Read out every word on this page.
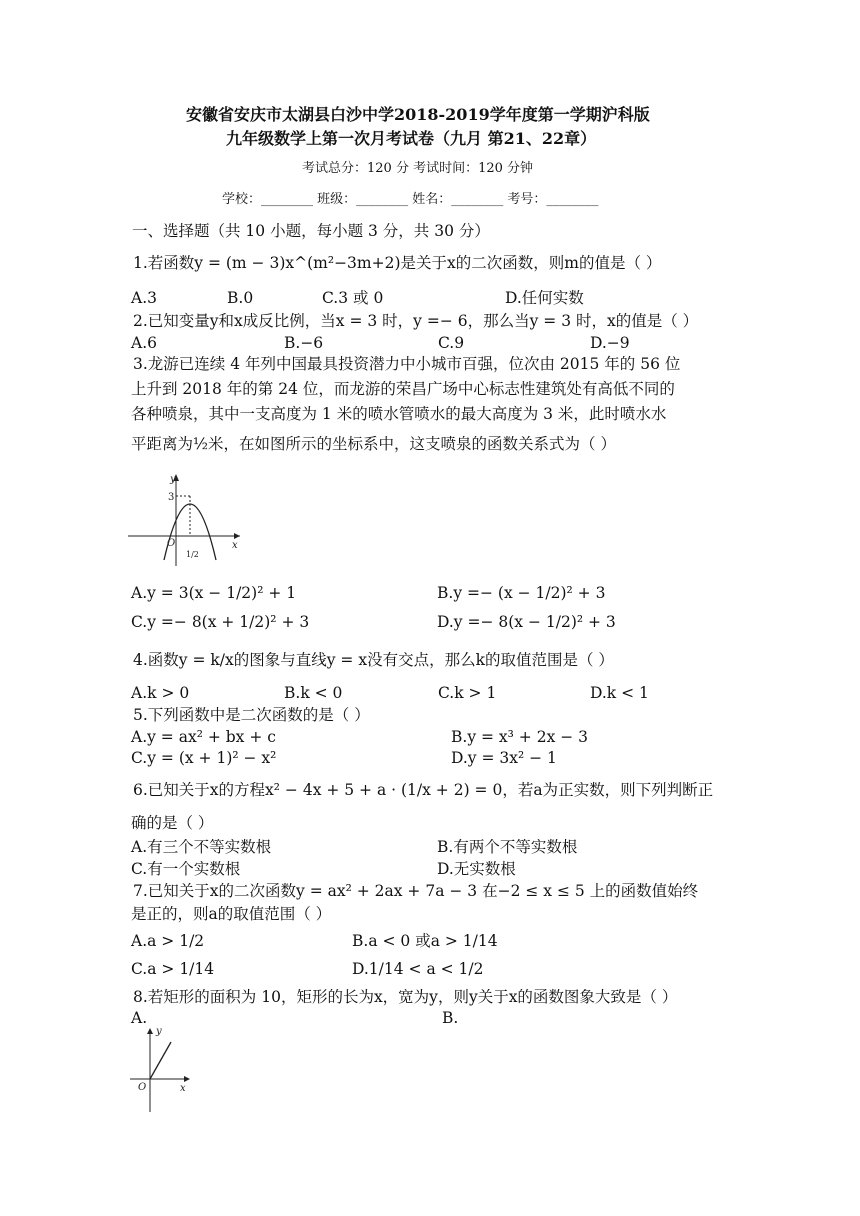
安徽省安庆市太湖县白沙中学2018-2019学年度第一学期沪科版
九年级数学上第一次月考试卷（九月 第21、22章）
考试总分：120 分 考试时间：120 分钟
学校：________ 班级：________ 姓名：________ 考号：________
一、选择题（共 10 小题，每小题 3 分，共 30 分）
1.若函数y = (m − 3)x^(m²−3m+2)是关于x的二次函数，则m的值是（ ）
A.3	B.0	C.3 或 0	D.任何实数
2.已知变量y和x成反比例，当x = 3 时，y =− 6，那么当y = 3 时，x的值是（ ）
A.6	B.−6	C.9	D.−9
3.龙游已连续 4 年列中国最具投资潜力中小城市百强，位次由 2015 年的 56 位
上升到 2018 年的第 24 位，而龙游的荣昌广场中心标志性建筑处有高低不同的
各种喷泉，其中一支高度为 1 米的喷水管喷水的最大高度为 3 米，此时喷水水
平距离为½米，在如图所示的坐标系中，这支喷泉的函数关系式为（ ）
y
x
O
3
1/2
A.y = 3(x − 1/2)² + 1	B.y =− (x − 1/2)² + 3
C.y =− 8(x + 1/2)² + 3	D.y =− 8(x − 1/2)² + 3
4.函数y = k/x的图象与直线y = x没有交点，那么k的取值范围是（ ）
A.k > 0	B.k < 0	C.k > 1	D.k < 1
5.下列函数中是二次函数的是（ ）
A.y = ax² + bx + c	B.y = x³ + 2x − 3
C.y = (x + 1)² − x²	D.y = 3x² − 1
6.已知关于x的方程x² − 4x + 5 + a · (1/x + 2) = 0，若a为正实数，则下列判断正
确的是（ ）
A.有三个不等实数根	B.有两个不等实数根
C.有一个实数根	D.无实数根
7.已知关于x的二次函数y = ax² + 2ax + 7a − 3 在−2 ≤ x ≤ 5 上的函数值始终
是正的，则a的取值范围（ ）
A.a > 1/2	B.a < 0 或a > 1/14
C.a > 1/14	D.1/14 < a < 1/2
8.若矩形的面积为 10，矩形的长为x，宽为y，则y关于x的函数图象大致是（ ）
A.	B.
y
x
O
